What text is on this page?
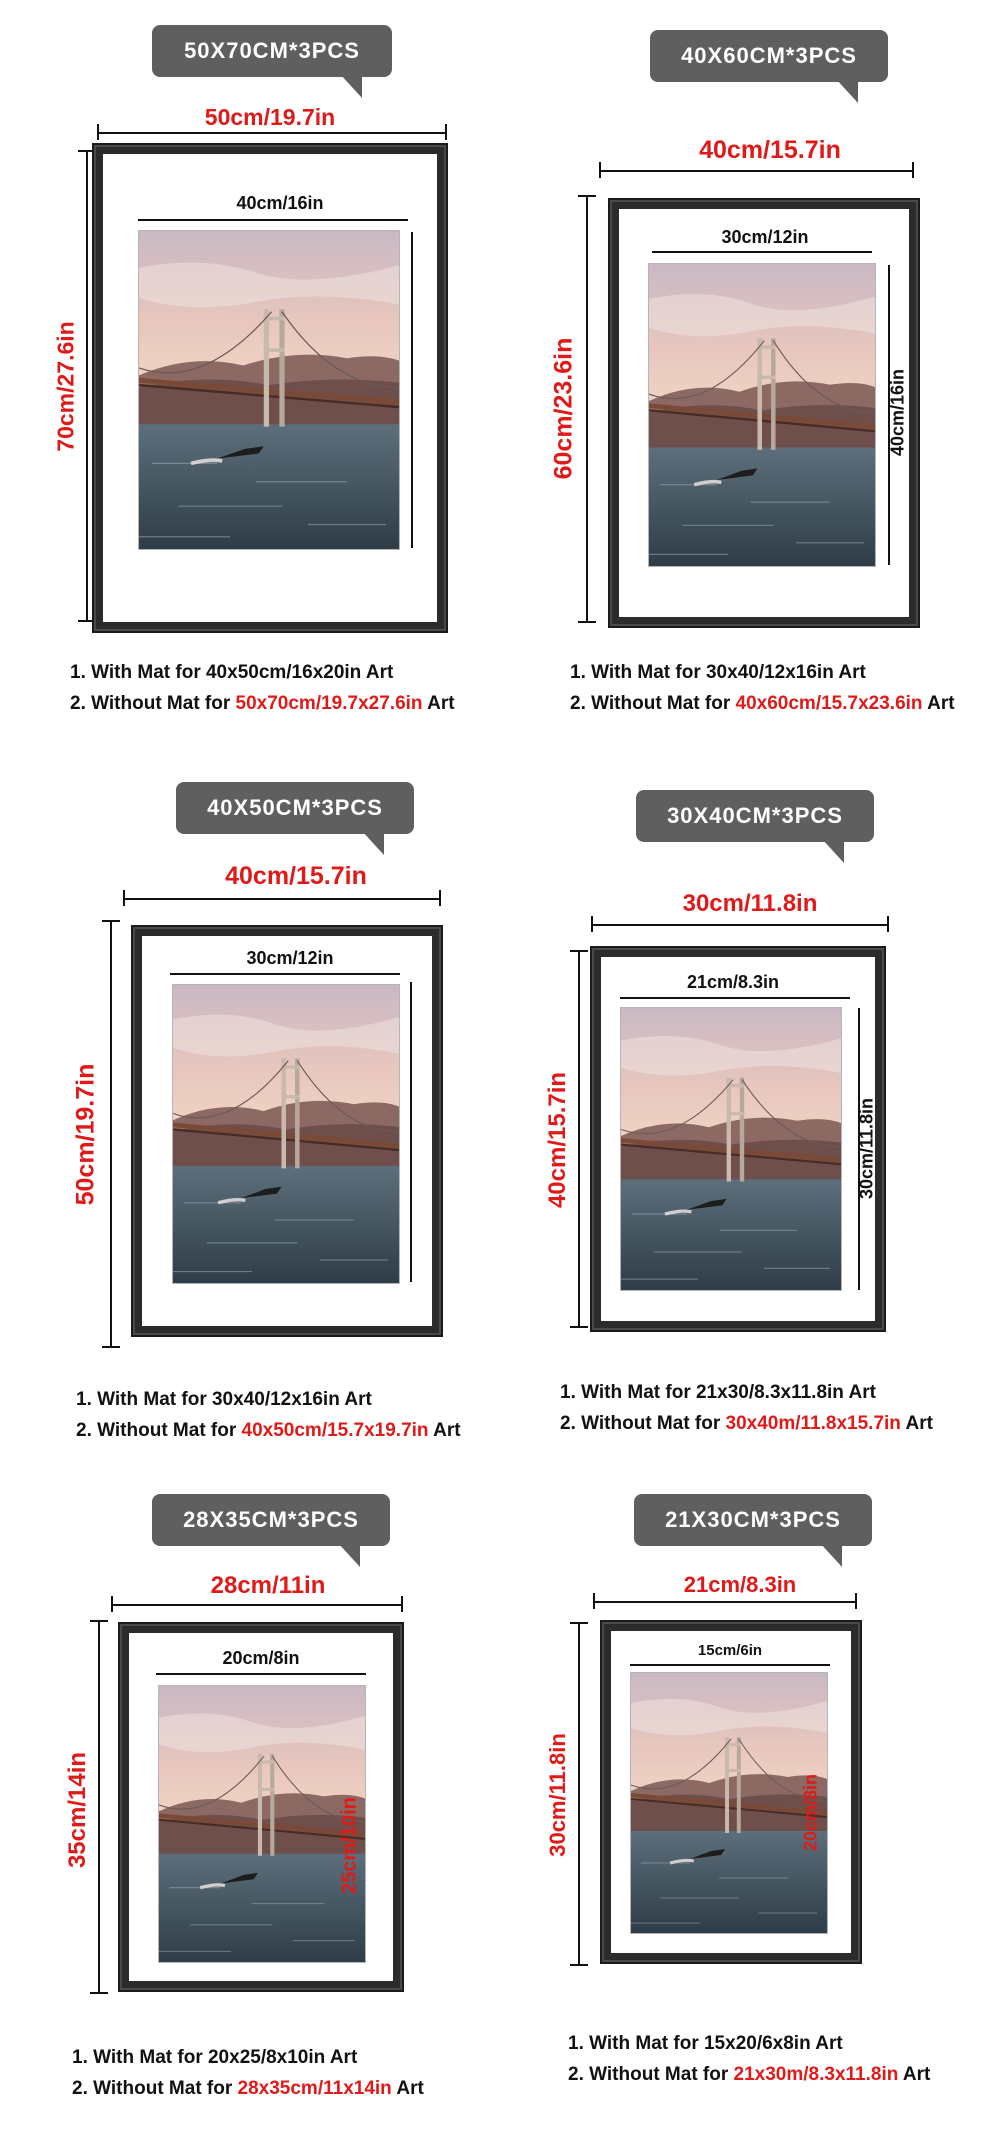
50X70CM*3PCS
50cm/19.7in
70cm/27.6in
40cm/16in
40X60CM*3PCS
40cm/15.7in
60cm/23.6in
30cm/12in
40cm/16in
40X50CM*3PCS
40cm/15.7in
50cm/19.7in
30cm/12in
30X40CM*3PCS
30cm/11.8in
40cm/15.7in
21cm/8.3in
30cm/11.8in
28X35CM*3PCS
28cm/11in
35cm/14in
20cm/8in
25cm/10in
21X30CM*3PCS
21cm/8.3in
30cm/11.8in
15cm/6in
20cm/8in
1. With Mat for 40x50cm/16x20in Art
2. Without Mat for 50x70cm/19.7x27.6in Art
1. With Mat for 30x40/12x16in Art
2. Without Mat for 40x60cm/15.7x23.6in Art
1. With Mat for 30x40/12x16in Art
2. Without Mat for 40x50cm/15.7x19.7in Art
1. With Mat for 21x30/8.3x11.8in Art
2. Without Mat for 30x40m/11.8x15.7in Art
1. With Mat for 20x25/8x10in Art
2. Without Mat for 28x35cm/11x14in Art
1. With Mat for 15x20/6x8in Art
2. Without Mat for 21x30m/8.3x11.8in Art
